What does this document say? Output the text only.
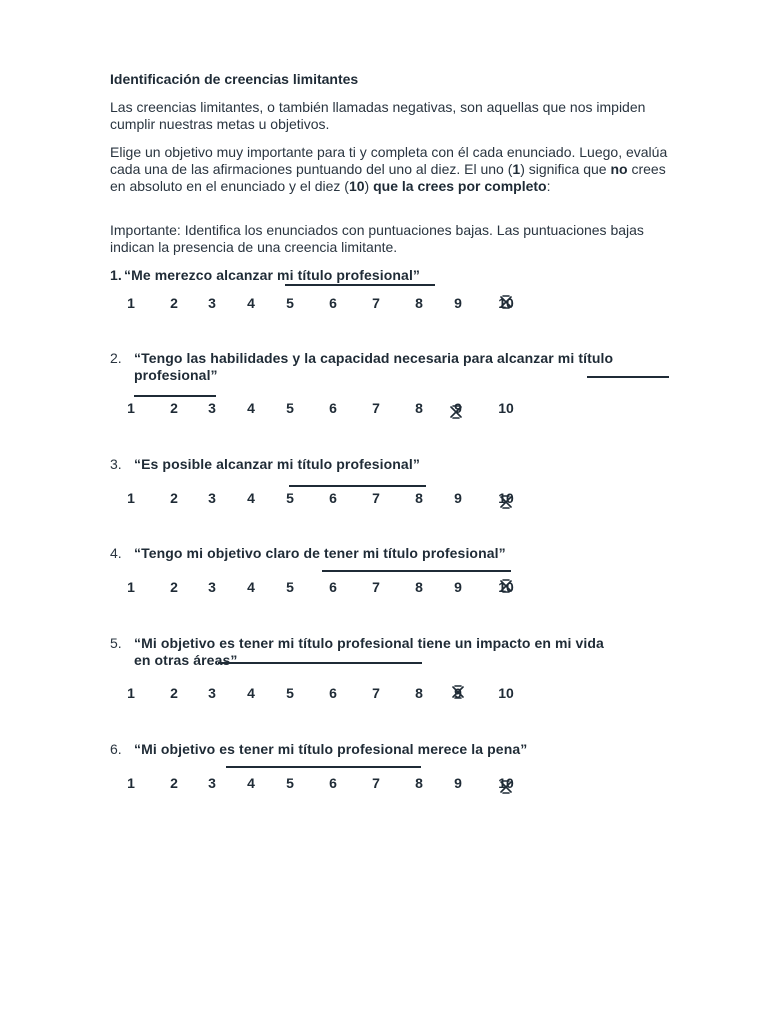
Identificación de creencias limitantes
Las creencias limitantes, o también llamadas negativas, son aquellas que nos impiden cumplir nuestras metas u objetivos.
Elige un objetivo muy importante para ti y completa con él cada enunciado. Luego, evalúa cada una de las afirmaciones puntuando del uno al diez. El uno (1) significa que no crees en absoluto en el enunciado y el diez (10) que la crees por completo:
Importante: Identifica los enunciados con puntuaciones bajas. Las puntuaciones bajas indican la presencia de una creencia limitante.
1. “Me merezco alcanzar mi título profesional”
2. “Tengo las habilidades y la capacidad necesaria para alcanzar mi título
profesional”
3. “Es posible alcanzar mi título profesional”
4. “Tengo mi objetivo claro de tener mi título profesional”
5. “Mi objetivo es tener mi título profesional tiene un impacto en mi vida
en otras áreas”
6. “Mi objetivo es tener mi título profesional merece la pena”
1	2 3 4 5	6	7	8 9	10
1	2 3 4 5	6	7	8 9	10
1	2 3 4 5	6	7	8 9	10
1	2 3 4 5	6	7	8 9	10
1	2 3 4 5	6	7	8 9	10
1	2 3 4 5	6	7	8 9	10
